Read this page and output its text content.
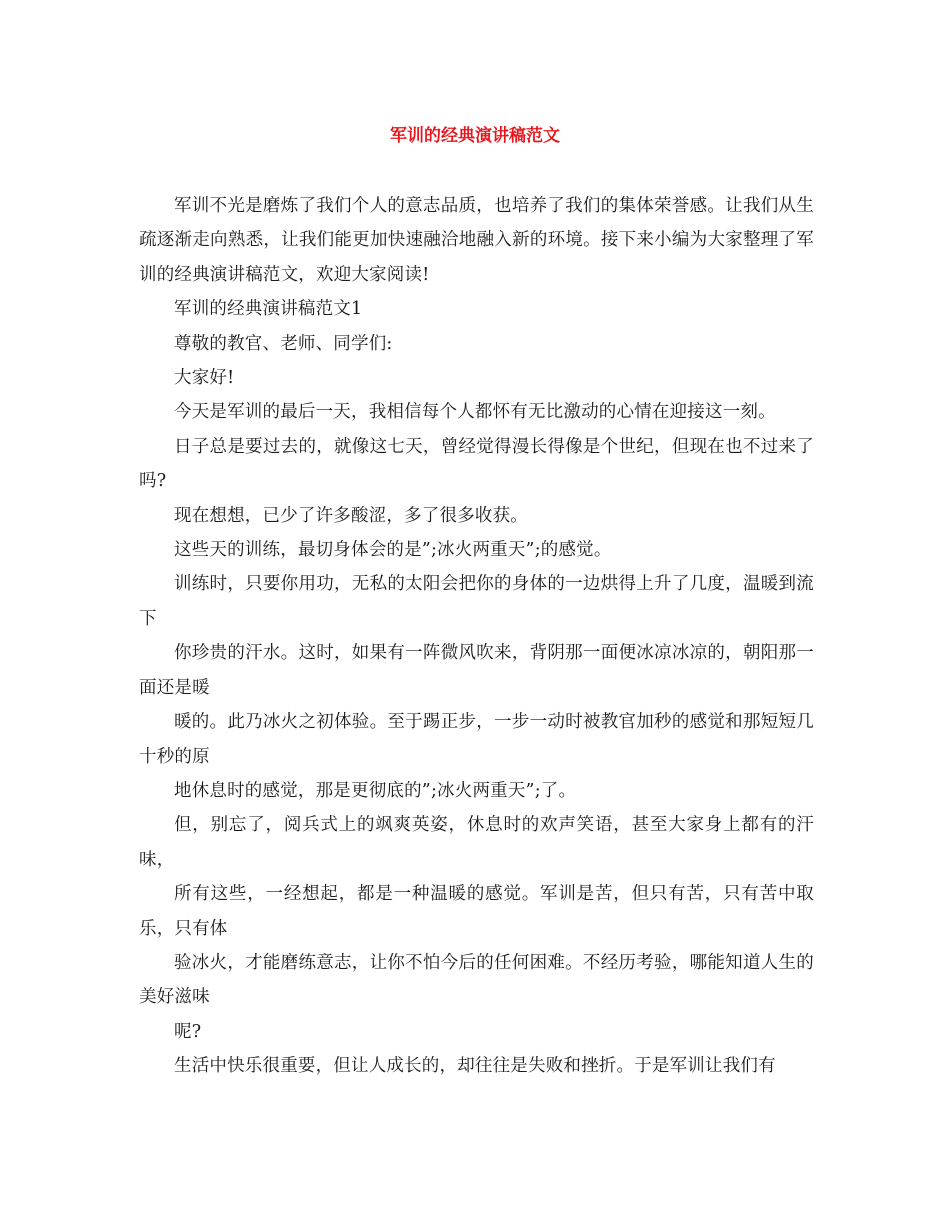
军训的经典演讲稿范文

军训不光是磨炼了我们个人的意志品质，也培养了我们的集体荣誉感。让我们从生疏逐渐走向熟悉，让我们能更加快速融洽地融入新的环境。接下来小编为大家整理了军训的经典演讲稿范文，欢迎大家阅读!

军训的经典演讲稿范文1

尊敬的教官、老师、同学们:

大家好!

今天是军训的最后一天，我相信每个人都怀有无比激动的心情在迎接这一刻。

日子总是要过去的，就像这七天，曾经觉得漫长得像是个世纪，但现在也不过来了吗?

现在想想，已少了许多酸涩，多了很多收获。

这些天的训练，最切身体会的是”;冰火两重天”;的感觉。

训练时，只要你用功，无私的太阳会把你的身体的一边烘得上升了几度，温暖到流下

你珍贵的汗水。这时，如果有一阵微风吹来，背阴那一面便冰凉冰凉的，朝阳那一面还是暖

暖的。此乃冰火之初体验。至于踢正步，一步一动时被教官加秒的感觉和那短短几十秒的原

地休息时的感觉，那是更彻底的”;冰火两重天”;了。

但，别忘了，阅兵式上的飒爽英姿，休息时的欢声笑语，甚至大家身上都有的汗味，

所有这些，一经想起，都是一种温暖的感觉。军训是苦，但只有苦，只有苦中取乐，只有体

验冰火，才能磨练意志，让你不怕今后的任何困难。不经历考验，哪能知道人生的美好滋味

呢?

生活中快乐很重要，但让人成长的，却往往是失败和挫折。于是军训让我们有
